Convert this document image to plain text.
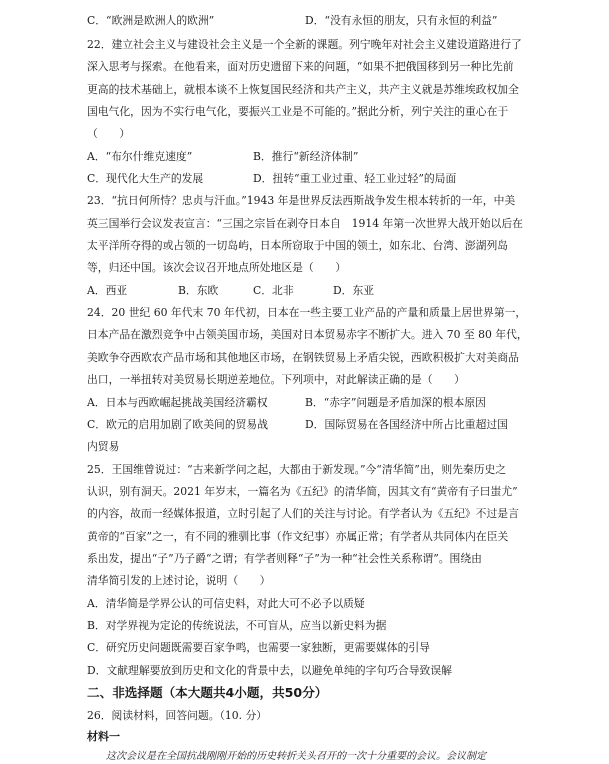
C．“欧洲是欧洲人的欧洲”	D．“没有永恒的朋友，只有永恒的利益”
22．建立社会主义与建设社会主义是一个全新的课题。列宁晚年对社会主义建设道路进行了
深入思考与探索。在他看来，面对历史遗留下来的问题，“如果不把俄国移到另一种比先前
更高的技术基础上，就根本谈不上恢复国民经济和共产主义，共产主义就是苏维埃政权加全
国电气化，因为不实行电气化，要振兴工业是不可能的。”据此分析，列宁关注的重心在于
（　　）
A．“布尔什维克速度”	B．推行“新经济体制”
C．现代化大生产的发展	D．扭转“重工业过重、轻工业过轻”的局面
23．“抗日何所恃？忠贞与汗血。”1943 年是世界反法西斯战争发生根本转折的一年，中美
英三国举行会议发表宣言：“三国之宗旨在剥夺日本自　1914 年第一次世界大战开始以后在
太平洋所夺得的或占领的一切岛屿，日本所窃取于中国的领土，如东北、台湾、澎湖列岛
等，归还中国。该次会议召开地点所处地区是（　　）
A．西亚	B．东欧	C．北非	D．东亚
24．20 世纪 60 年代末 70 年代初，日本在一些主要工业产品的产量和质量上居世界第一，
日本产品在激烈竞争中占领美国市场，美国对日本贸易赤字不断扩大。进入 70 至 80 年代，
美欧争夺西欧农产品市场和其他地区市场，在钢铁贸易上矛盾尖锐，西欧积极扩大对美商品
出口，一举扭转对美贸易长期逆差地位。下列项中，对此解读正确的是（　　）
A．日本与西欧崛起挑战美国经济霸权	B．“赤字”问题是矛盾加深的根本原因
C．欧元的启用加剧了欧美间的贸易战	D．国际贸易在各国经济中所占比重超过国
内贸易
25．王国维曾说过：“古来新学问之起，大都由于新发现。”今“清华简”出，则先秦历史之
认识，别有洞天。2021 年岁末，一篇名为《五纪》的清华简，因其文有“黄帝有子曰蚩尤”
的内容，故而一经媒体报道，立时引起了人们的关注与讨论。有学者认为《五纪》不过是言
黄帝的“百家”之一，有不同的雅驯比事（作文纪事）亦属正常；有学者从共同体内在臣关
系出发，提出“子”乃子爵“之谓；有学者则释“子”为一种“社会性关系称谓”。围绕由
清华简引发的上述讨论，说明（　　）
A．清华简是学界公认的可信史料，对此大可不必予以质疑
B．对学界视为定论的传统说法，不可盲从，应当以新史料为据
C．研究历史问题既需要百家争鸣，也需要一家独断，更需要媒体的引导
D．文献理解要放到历史和文化的背景中去，以避免单纯的字句巧合导致误解
二、非选择题（本大题共4小题，共50分）
26．阅读材料，回答问题。（10. 分）
材料一
这次会议是在全国抗战刚刚开始的历史转折关头召开的一次十分重要的会议。会议制定
